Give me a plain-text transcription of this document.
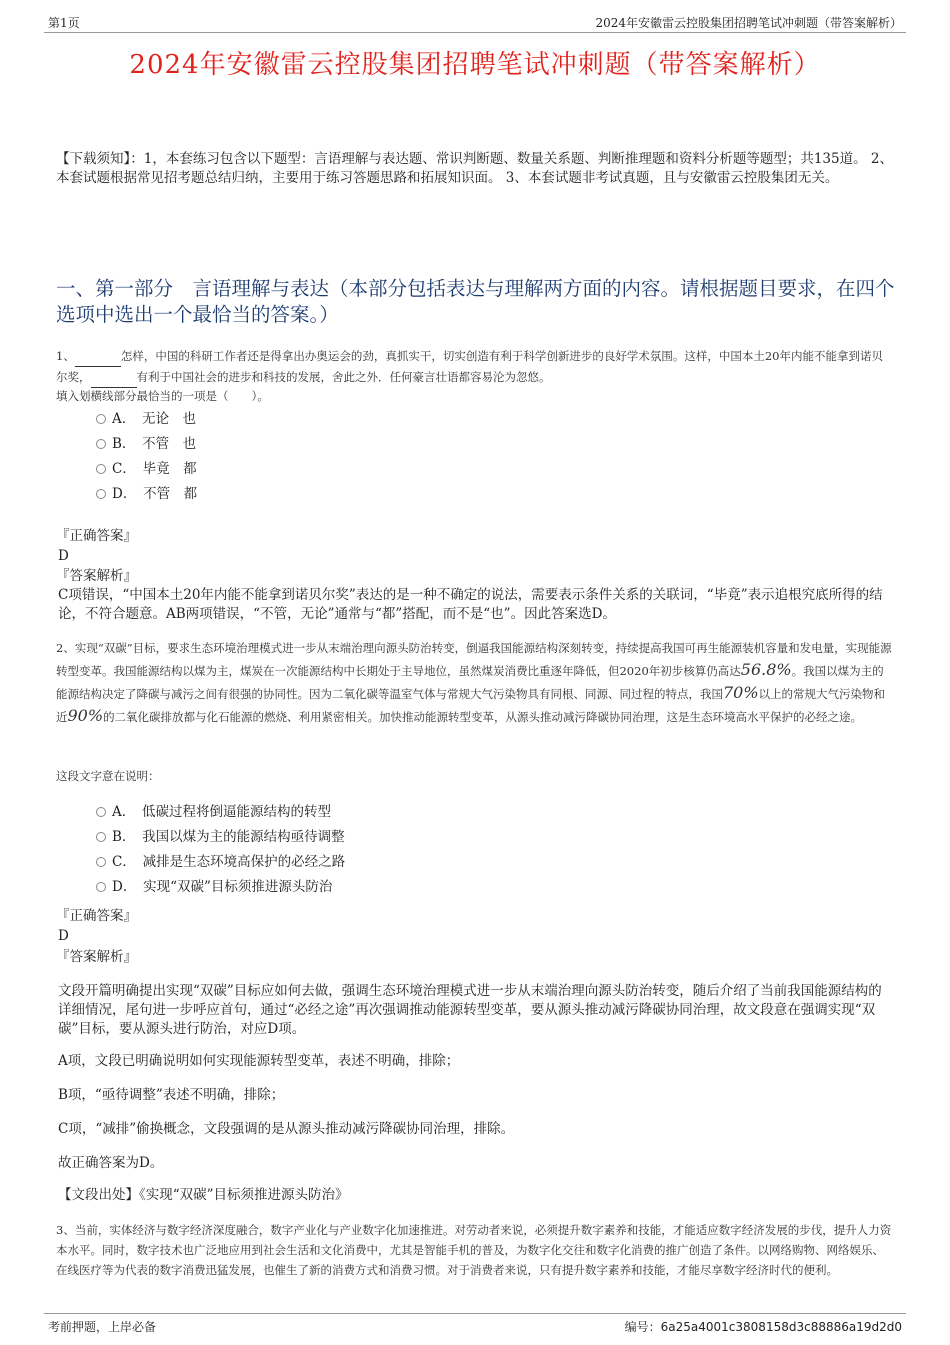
第1页	2024年安徽雷云控股集团招聘笔试冲刺题（带答案解析）
2024年安徽雷云控股集团招聘笔试冲刺题（带答案解析）
【下载须知】：1，本套练习包含以下题型：言语理解与表达题、常识判断题、数量关系题、判断推理题和资料分析题等题型；共135道。 2、本套试题根据常见招考题总结归纳，主要用于练习答题思路和拓展知识面。 3、本套试题非考试真题，且与安徽雷云控股集团无关。
一、第一部分　言语理解与表达（本部分包括表达与理解两方面的内容。请根据题目要求，在四个选项中选出一个最恰当的答案。）
1、	怎样，中国的科研工作者还是得拿出办奥运会的劲，真抓实干，切实创造有利于科学创新进步的良好学术氛围。这样，中国本土20年内能不能拿到诺贝尔奖，	有利于中国社会的进步和科技的发展，舍此之外．任何豪言壮语都容易沦为忽悠。
填入划横线部分最恰当的一项是（　　）。
A．　无论　也
B．　不管　也
C．　毕竟　都
D．　不管　都
『正确答案』
D
『答案解析』
C项错误，“中国本土20年内能不能拿到诺贝尔奖”表达的是一种不确定的说法，需要表示条件关系的关联词，“毕竟”表示追根究底所得的结论，不符合题意。AB两项错误，“不管，无论”通常与“都”搭配，而不是“也”。因此答案选D。
2、实现“双碳”目标，要求生态环境治理模式进一步从末端治理向源头防治转变，倒逼我国能源结构深刻转变，持续提高我国可再生能源装机容量和发电量，实现能源转型变革。我国能源结构以煤为主，煤炭在一次能源结构中长期处于主导地位，虽然煤炭消费比重逐年降低，但2020年初步核算仍高达56.8%。我国以煤为主的能源结构决定了降碳与减污之间有很强的协同性。因为二氧化碳等温室气体与常规大气污染物具有同根、同源、同过程的特点，我国70%以上的常规大气污染物和近90%的二氧化碳排放都与化石能源的燃烧、利用紧密相关。加快推动能源转型变革，从源头推动减污降碳协同治理，这是生态环境高水平保护的必经之途。
这段文字意在说明：
A．　低碳过程将倒逼能源结构的转型
B．　我国以煤为主的能源结构亟待调整
C．　减排是生态环境高保护的必经之路
D．　实现“双碳”目标须推进源头防治
『正确答案』
D
『答案解析』
文段开篇明确提出实现“双碳”目标应如何去做，强调生态环境治理模式进一步从末端治理向源头防治转变，随后介绍了当前我国能源结构的详细情况，尾句进一步呼应首句，通过“必经之途”再次强调推动能源转型变革，要从源头推动减污降碳协同治理，故文段意在强调实现“双碳”目标，要从源头进行防治，对应D项。
A项，文段已明确说明如何实现能源转型变革，表述不明确，排除；
B项，“亟待调整”表述不明确，排除；
C项，“减排”偷换概念，文段强调的是从源头推动减污降碳协同治理，排除。
故正确答案为D。
【文段出处】《实现“双碳”目标须推进源头防治》
3、当前，实体经济与数字经济深度融合，数字产业化与产业数字化加速推进。对劳动者来说，必须提升数字素养和技能，才能适应数字经济发展的步伐，提升人力资本水平。同时，数字技术也广泛地应用到社会生活和文化消费中，尤其是智能手机的普及，为数字化交往和数字化消费的推广创造了条件。以网络购物、网络娱乐、在线医疗等为代表的数字消费迅猛发展，也催生了新的消费方式和消费习惯。对于消费者来说，只有提升数字素养和技能，才能尽享数字经济时代的便利。
考前押题，上岸必备	编号：6a25a4001c3808158d3c88886a19d2d0
